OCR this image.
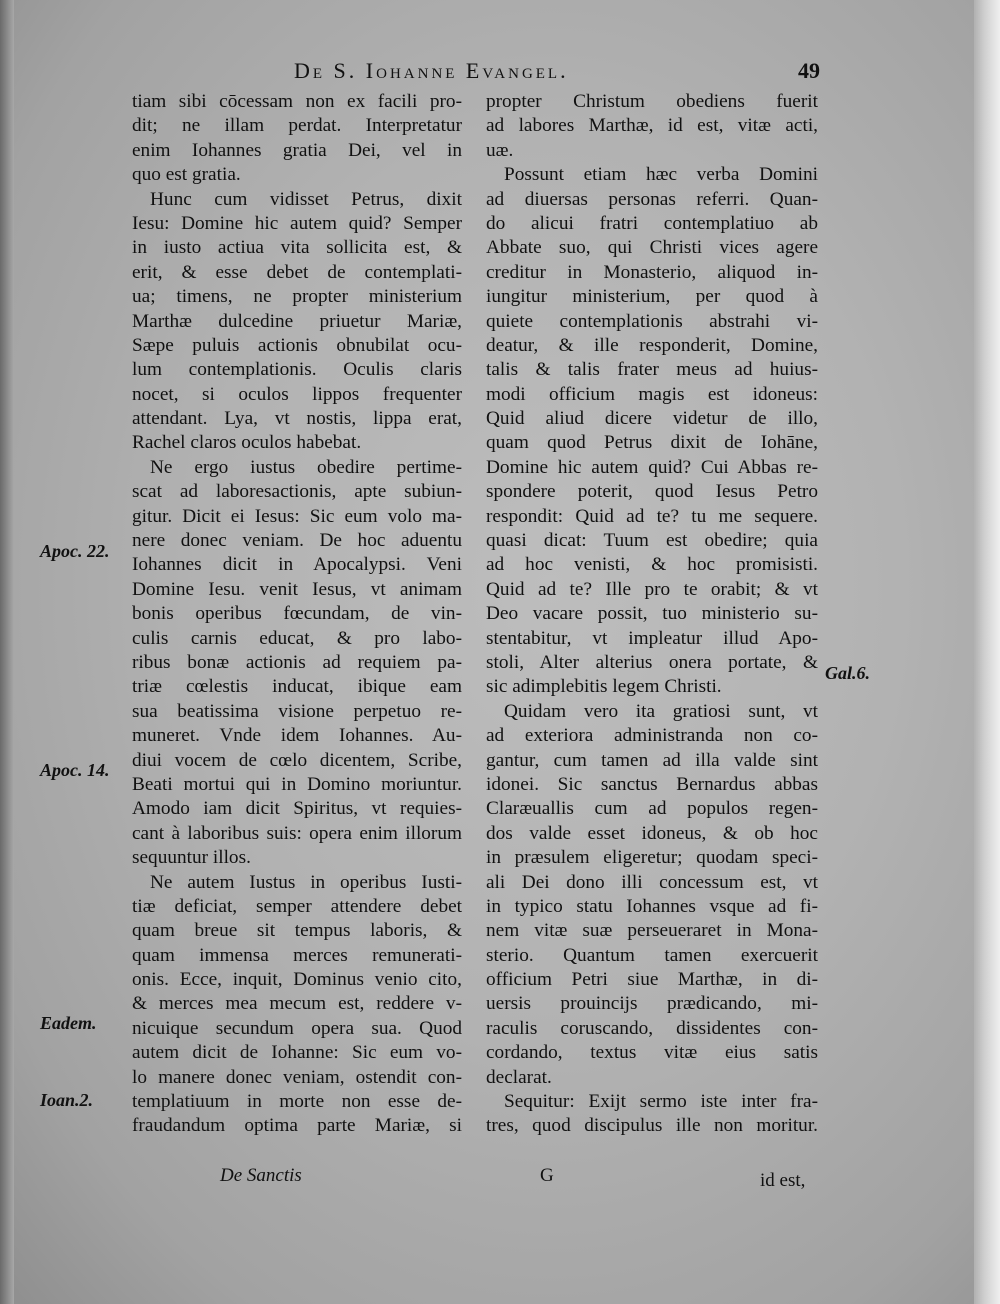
De S. Iohanne Evangel.	49
tiam sibi cōcessam non ex facili pro-
dit; ne illam perdat. Interpretatur
enim Iohannes gratia Dei, vel in
quo est gratia.
Hunc cum vidisset Petrus, dixit
Iesu: Domine hic autem quid? Semper
in iusto actiua vita sollicita est, &
erit, & esse debet de contemplati-
ua; timens, ne propter ministerium
Marthæ dulcedine priuetur Mariæ,
Sæpe puluis actionis obnubilat ocu-
lum contemplationis. Oculis claris
nocet, si oculos lippos frequenter
attendant. Lya, vt nostis, lippa erat,
Rachel claros oculos habebat.
Ne ergo iustus obedire pertime-
scat ad laboresactionis, apte subiun-
gitur. Dicit ei Iesus: Sic eum volo ma-
nere donec veniam. De hoc aduentu
Iohannes dicit in Apocalypsi. Veni
Domine Iesu. venit Iesus, vt animam
bonis operibus fœcundam, de vin-
culis carnis educat, & pro labo-
ribus bonæ actionis ad requiem pa-
triæ cœlestis inducat, ibique eam
sua beatissima visione perpetuo re-
muneret. Vnde idem Iohannes. Au-
diui vocem de cœlo dicentem, Scribe,
Beati mortui qui in Domino moriuntur.
Amodo iam dicit Spiritus, vt requies-
cant à laboribus suis: opera enim illorum
sequuntur illos.
Ne autem Iustus in operibus Iusti-
tiæ deficiat, semper attendere debet
quam breue sit tempus laboris, &
quam immensa merces remunerati-
onis. Ecce, inquit, Dominus venio cito,
& merces mea mecum est, reddere v-
nicuique secundum opera sua. Quod
autem dicit de Iohanne: Sic eum vo-
lo manere donec veniam, ostendit con-
templatiuum in morte non esse de-
fraudandum optima parte Mariæ, si
propter Christum obediens fuerit
ad labores Marthæ, id est, vitæ acti,
uæ.
Possunt etiam hæc verba Domini
ad diuersas personas referri. Quan-
do alicui fratri contemplatiuo ab
Abbate suo, qui Christi vices agere
creditur in Monasterio, aliquod in-
iungitur ministerium, per quod à
quiete contemplationis abstrahi vi-
deatur, & ille responderit, Domine,
talis & talis frater meus ad huius-
modi officium magis est idoneus:
Quid aliud dicere videtur de illo,
quam quod Petrus dixit de Iohāne,
Domine hic autem quid? Cui Abbas re-
spondere poterit, quod Iesus Petro
respondit: Quid ad te? tu me sequere.
quasi dicat: Tuum est obedire; quia
ad hoc venisti, & hoc promisisti.
Quid ad te? Ille pro te orabit; & vt
Deo vacare possit, tuo ministerio su-
stentabitur, vt impleatur illud Apo-
stoli, Alter alterius onera portate, &
sic adimplebitis legem Christi.
Quidam vero ita gratiosi sunt, vt
ad exteriora administranda non co-
gantur, cum tamen ad illa valde sint
idonei. Sic sanctus Bernardus abbas
Claræuallis cum ad populos regen-
dos valde esset idoneus, & ob hoc
in præsulem eligeretur; quodam speci-
ali Dei dono illi concessum est, vt
in typico statu Iohannes vsque ad fi-
nem vitæ suæ perseueraret in Mona-
sterio. Quantum tamen exercuerit
officium Petri siue Marthæ, in di-
uersis prouincijs prædicando, mi-
raculis coruscando, dissidentes con-
cordando, textus vitæ eius satis
declarat.
Sequitur: Exijt sermo iste inter fra-
tres, quod discipulus ille non moritur.
Apoc. 22.
Apoc. 14.
Eadem.
Ioan.2.
Gal.6.
De Sanctis	G	id est,
